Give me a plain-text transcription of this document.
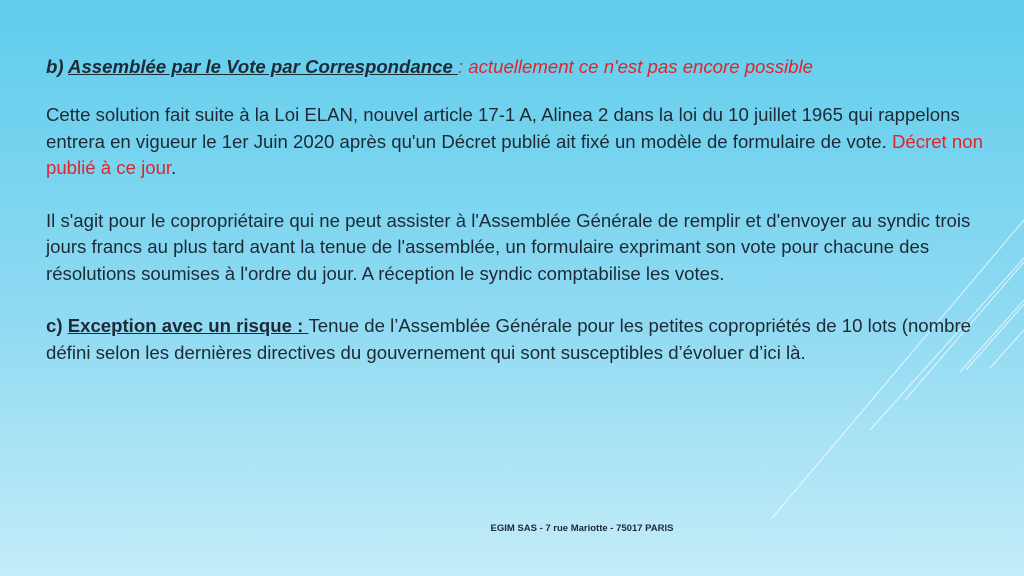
b) Assemblée par le Vote par Correspondance : actuellement ce n'est pas encore possible

Cette solution fait suite à la Loi ELAN, nouvel article 17-1 A, Alinea 2 dans la loi du 10 juillet 1965 qui rappelons entrera en vigueur le 1er Juin 2020 après qu'un Décret publié ait fixé un modèle de formulaire de vote. Décret non publié à ce jour.

Il s'agit pour le copropriétaire qui ne peut assister à l'Assemblée Générale de remplir et d'envoyer au syndic trois jours francs au plus tard avant la tenue de l'assemblée, un formulaire exprimant son vote pour chacune des résolutions soumises à l'ordre du jour. A réception le syndic comptabilise les votes.

c) Exception avec un risque : Tenue de l’Assemblée Générale pour les petites copropriétés de 10 lots (nombre défini selon les dernières directives du gouvernement qui sont susceptibles d’évoluer d’ici là.

EGIM SAS - 7 rue Mariotte - 75017 PARIS
